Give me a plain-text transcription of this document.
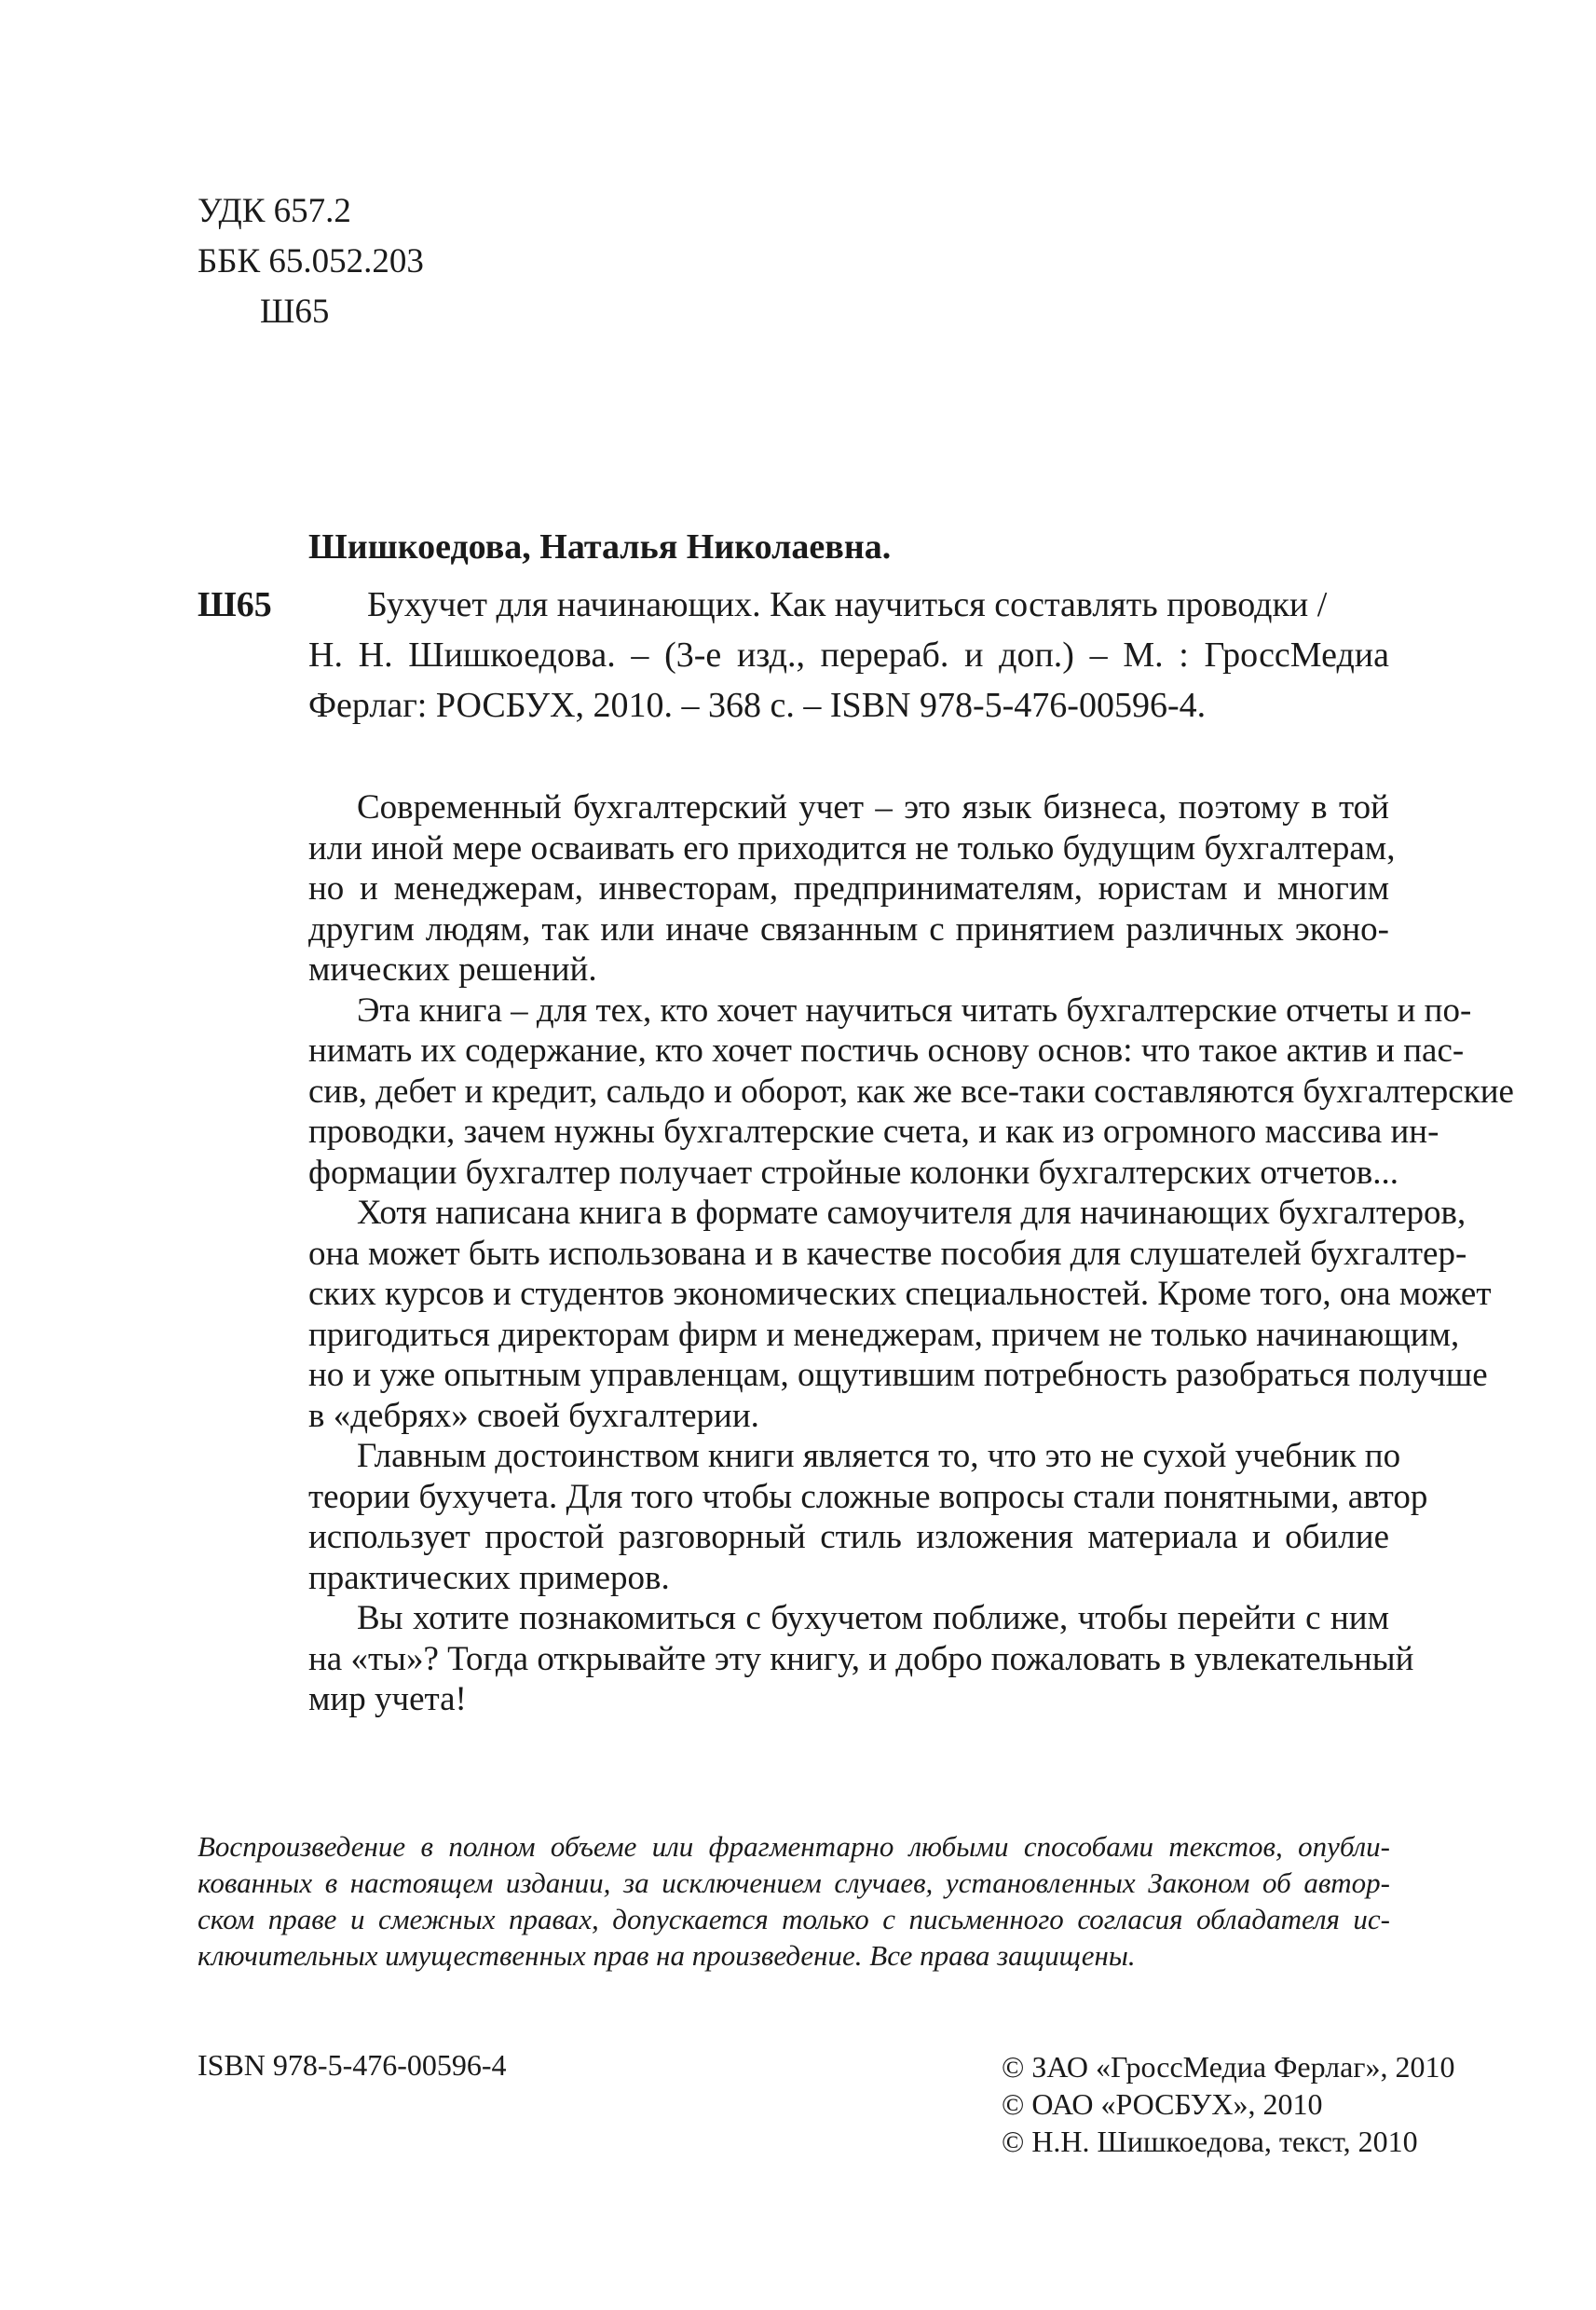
УДК 657.2
ББК 65.052.203
Ш65
Шишкоедова, Наталья Николаевна.
Ш65	Бухучет для начинающих. Как научиться составлять проводки /
Н. Н. Шишкоедова. – (3-е изд., перераб. и доп.) – М. : ГроссМедиа
Ферлаг: РОСБУХ, 2010. – 368 с. – ISBN 978-5-476-00596-4.
Современный бухгалтерский учет – это язык бизнеса, поэтому в той
или иной мере осваивать его приходится не только будущим бухгалтерам,
но и менеджерам, инвесторам, предпринимателям, юристам и многим
другим людям, так или иначе связанным с принятием различных эконо-
мических решений.
Эта книга – для тех, кто хочет научиться читать бухгалтерские отчеты и по-
нимать их содержание, кто хочет постичь основу основ: что такое актив и пас-
сив, дебет и кредит, сальдо и оборот, как же все-таки составляются бухгалтерские
проводки, зачем нужны бухгалтерские счета, и как из огромного массива ин-
формации бухгалтер получает стройные колонки бухгалтерских отчетов...
Хотя написана книга в формате самоучителя для начинающих бухгалтеров,
она может быть использована и в качестве пособия для слушателей бухгалтер-
ских курсов и студентов экономических специальностей. Кроме того, она может
пригодиться директорам фирм и менеджерам, причем не только начинающим,
но и уже опытным управленцам, ощутившим потребность разобраться получше
в «дебрях» своей бухгалтерии.
Главным достоинством книги является то, что это не сухой учебник по
теории бухучета. Для того чтобы сложные вопросы стали понятными, автор
использует простой разговорный стиль изложения материала и обилие
практических примеров.
Вы хотите познакомиться с бухучетом поближе, чтобы перейти с ним
на «ты»? Тогда открывайте эту книгу, и добро пожаловать в увлекательный
мир учета!
Воспроизведение в полном объеме или фрагментарно любыми способами текстов, опубли-
кованных в настоящем издании, за исключением случаев, установленных Законом об автор-
ском праве и смежных правах, допускается только с письменного согласия обладателя ис-
ключительных имущественных прав на произведение. Все права защищены.
ISBN 978-5-476-00596-4	© ЗАО «ГроссМедиа Ферлаг», 2010
© ОАО «РОСБУХ», 2010
© Н.Н. Шишкоедова, текст, 2010
